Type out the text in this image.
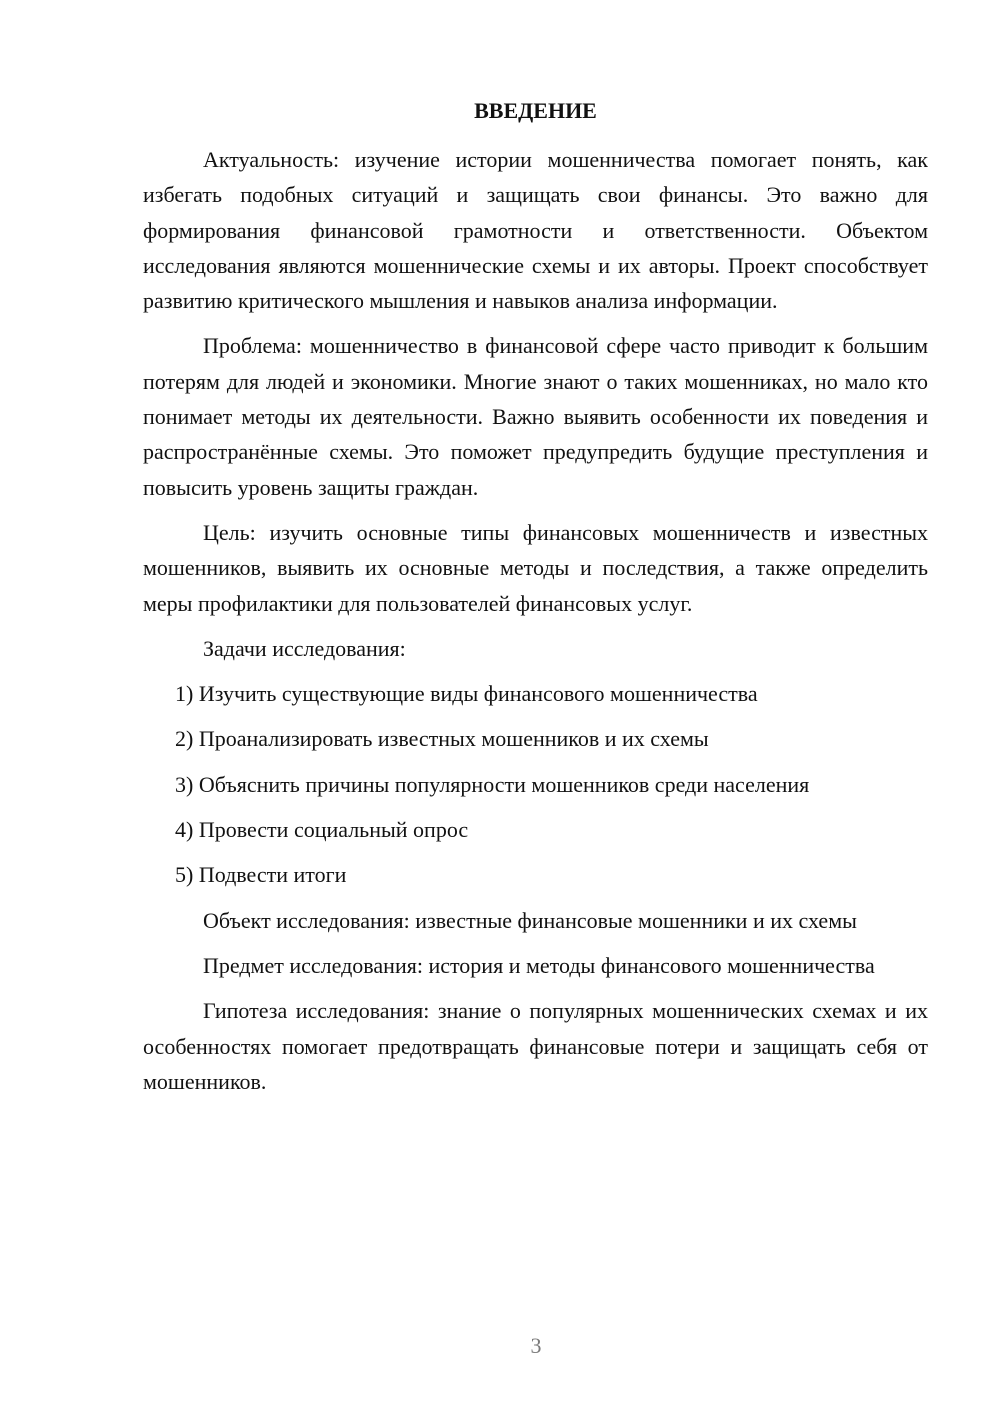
ВВЕДЕНИЕ

Актуальность: изучение истории мошенничества помогает понять, как избегать подобных ситуаций и защищать свои финансы. Это важно для формирования финансовой грамотности и ответственности. Объектом исследования являются мошеннические схемы и их авторы. Проект способствует развитию критического мышления и навыков анализа информации.

Проблема: мошенничество в финансовой сфере часто приводит к большим потерям для людей и экономики. Многие знают о таких мошенниках, но мало кто понимает методы их деятельности. Важно выявить особенности их поведения и распространённые схемы. Это поможет предупредить будущие преступления и повысить уровень защиты граждан.

Цель: изучить основные типы финансовых мошенничеств и известных мошенников, выявить их основные методы и последствия, а также определить меры профилактики для пользователей финансовых услуг.

Задачи исследования:

1) Изучить существующие виды финансового мошенничества

2) Проанализировать известных мошенников и их схемы

3) Объяснить причины популярности мошенников среди населения

4) Провести социальный опрос

5) Подвести итоги

Объект исследования: известные финансовые мошенники и их схемы

Предмет исследования: история и методы финансового мошенничества

Гипотеза исследования: знание о популярных мошеннических схемах и их особенностях помогает предотвращать финансовые потери и защищать себя от мошенников.

3
